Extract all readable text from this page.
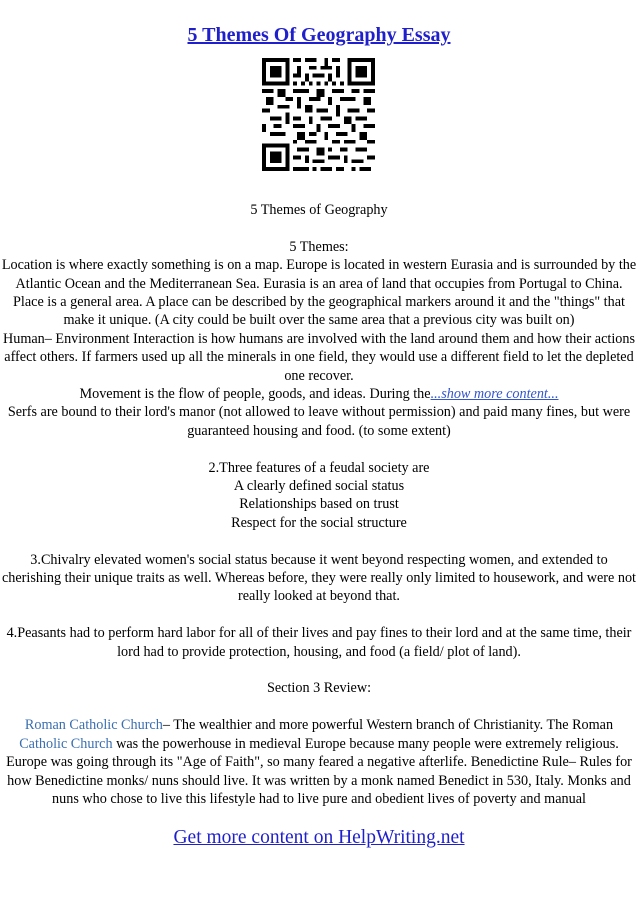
5 Themes Of Geography Essay

5 Themes of Geography

5 Themes:

Location is where exactly something is on a map. Europe is located in western Eurasia and is surrounded by the Atlantic Ocean and the Mediterranean Sea. Eurasia is an area of land that occupies from Portugal to China.

Place is a general area. A place can be described by the geographical markers around it and the "things" that make it unique. (A city could be built over the same area that a previous city was built on)

Human– Environment Interaction is how humans are involved with the land around them and how their actions affect others. If farmers used up all the minerals in one field, they would use a different field to let the depleted one recover.

Movement is the flow of people, goods, and ideas. During the...show more content...

Serfs are bound to their lord's manor (not allowed to leave without permission) and paid many fines, but were guaranteed housing and food. (to some extent)

2.Three features of a feudal society are

A clearly defined social status

Relationships based on trust

Respect for the social structure

3.Chivalry elevated women's social status because it went beyond respecting women, and extended to cherishing their unique traits as well. Whereas before, they were really only limited to housework, and were not really looked at beyond that.

4.Peasants had to perform hard labor for all of their lives and pay fines to their lord and at the same time, their lord had to provide protection, housing, and food (a field/ plot of land).

Section 3 Review:

Roman Catholic Church– The wealthier and more powerful Western branch of Christianity. The Roman Catholic Church was the powerhouse in medieval Europe because many people were extremely religious. Europe was going through its "Age of Faith", so many feared a negative afterlife. Benedictine Rule– Rules for how Benedictine monks/ nuns should live. It was written by a monk named Benedict in 530, Italy. Monks and nuns who chose to live this lifestyle had to live pure and obedient lives of poverty and manual

Get more content on HelpWriting.net
